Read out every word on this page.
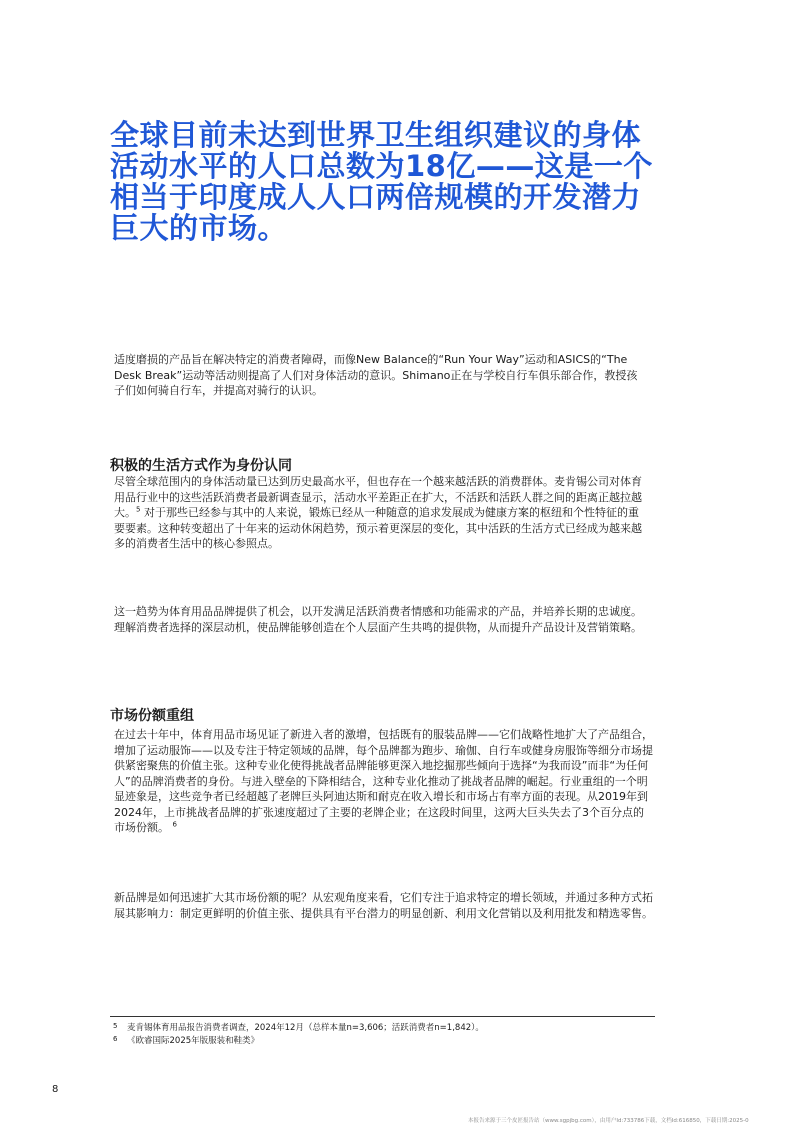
全球目前未达到世界卫生组织建议的身体活动水平的人口总数为18亿——这是一个相当于印度成人人口两倍规模的开发潜力巨大的市场。

适度磨损的产品旨在解决特定的消费者障碍，而像New Balance的“Run Your Way”运动和ASICS的“The Desk Break”运动等活动则提高了人们对身体活动的意识。Shimano正在与学校自行车俱乐部合作，教授孩子们如何骑自行车，并提高对骑行的认识。

积极的生活方式作为身份认同

尽管全球范围内的身体活动量已达到历史最高水平，但也存在一个越来越活跃的消费群体。麦肯锡公司对体育用品行业中的这些活跃消费者最新调查显示，活动水平差距正在扩大，不活跃和活跃人群之间的距离正越拉越大。$^5$ 对于那些已经参与其中的人来说，锻炼已经从一种随意的追求发展成为健康方案的枢纽和个性特征的重要要素。这种转变超出了十年来的运动休闲趋势，预示着更深层的变化，其中活跃的生活方式已经成为越来越多的消费者生活中的核心参照点。

这一趋势为体育用品品牌提供了机会，以开发满足活跃消费者情感和功能需求的产品，并培养长期的忠诚度。理解消费者选择的深层动机，使品牌能够创造在个人层面产生共鸣的提供物，从而提升产品设计及营销策略。

市场份额重组

在过去十年中，体育用品市场见证了新进入者的激增，包括既有的服装品牌——它们战略性地扩大了产品组合，增加了运动服饰——以及专注于特定领域的品牌，每个品牌都为跑步、瑜伽、自行车或健身房服饰等细分市场提供紧密聚焦的价值主张。这种专业化使得挑战者品牌能够更深入地挖掘那些倾向于选择“为我而设”而非“为任何人”的品牌消费者的身份。与进入壁垒的下降相结合，这种专业化推动了挑战者品牌的崛起。行业重组的一个明显迹象是，这些竞争者已经超越了老牌巨头阿迪达斯和耐克在收入增长和市场占有率方面的表现。从2019年到2024年，上市挑战者品牌的扩张速度超过了主要的老牌企业；在这段时间里，这两大巨头失去了3个百分点的市场份额。 $^6$

新品牌是如何迅速扩大其市场份额的呢？从宏观角度来看，它们专注于追求特定的增长领域，并通过多种方式拓展其影响力：制定更鲜明的价值主张、提供具有平台潜力的明显创新、利用文化营销以及利用批发和精选零售。

5 麦肯锡体育用品报告消费者调查，2024年12月（总样本量n=3,606；活跃消费者n=1,842）。
6 《欧睿国际2025年版服装和鞋类》
8
本报告来源于三个皮匠报告站（www.sgpjbg.com），由用户Id:733786下载，文档Id:616850，下载日期:2025-0
